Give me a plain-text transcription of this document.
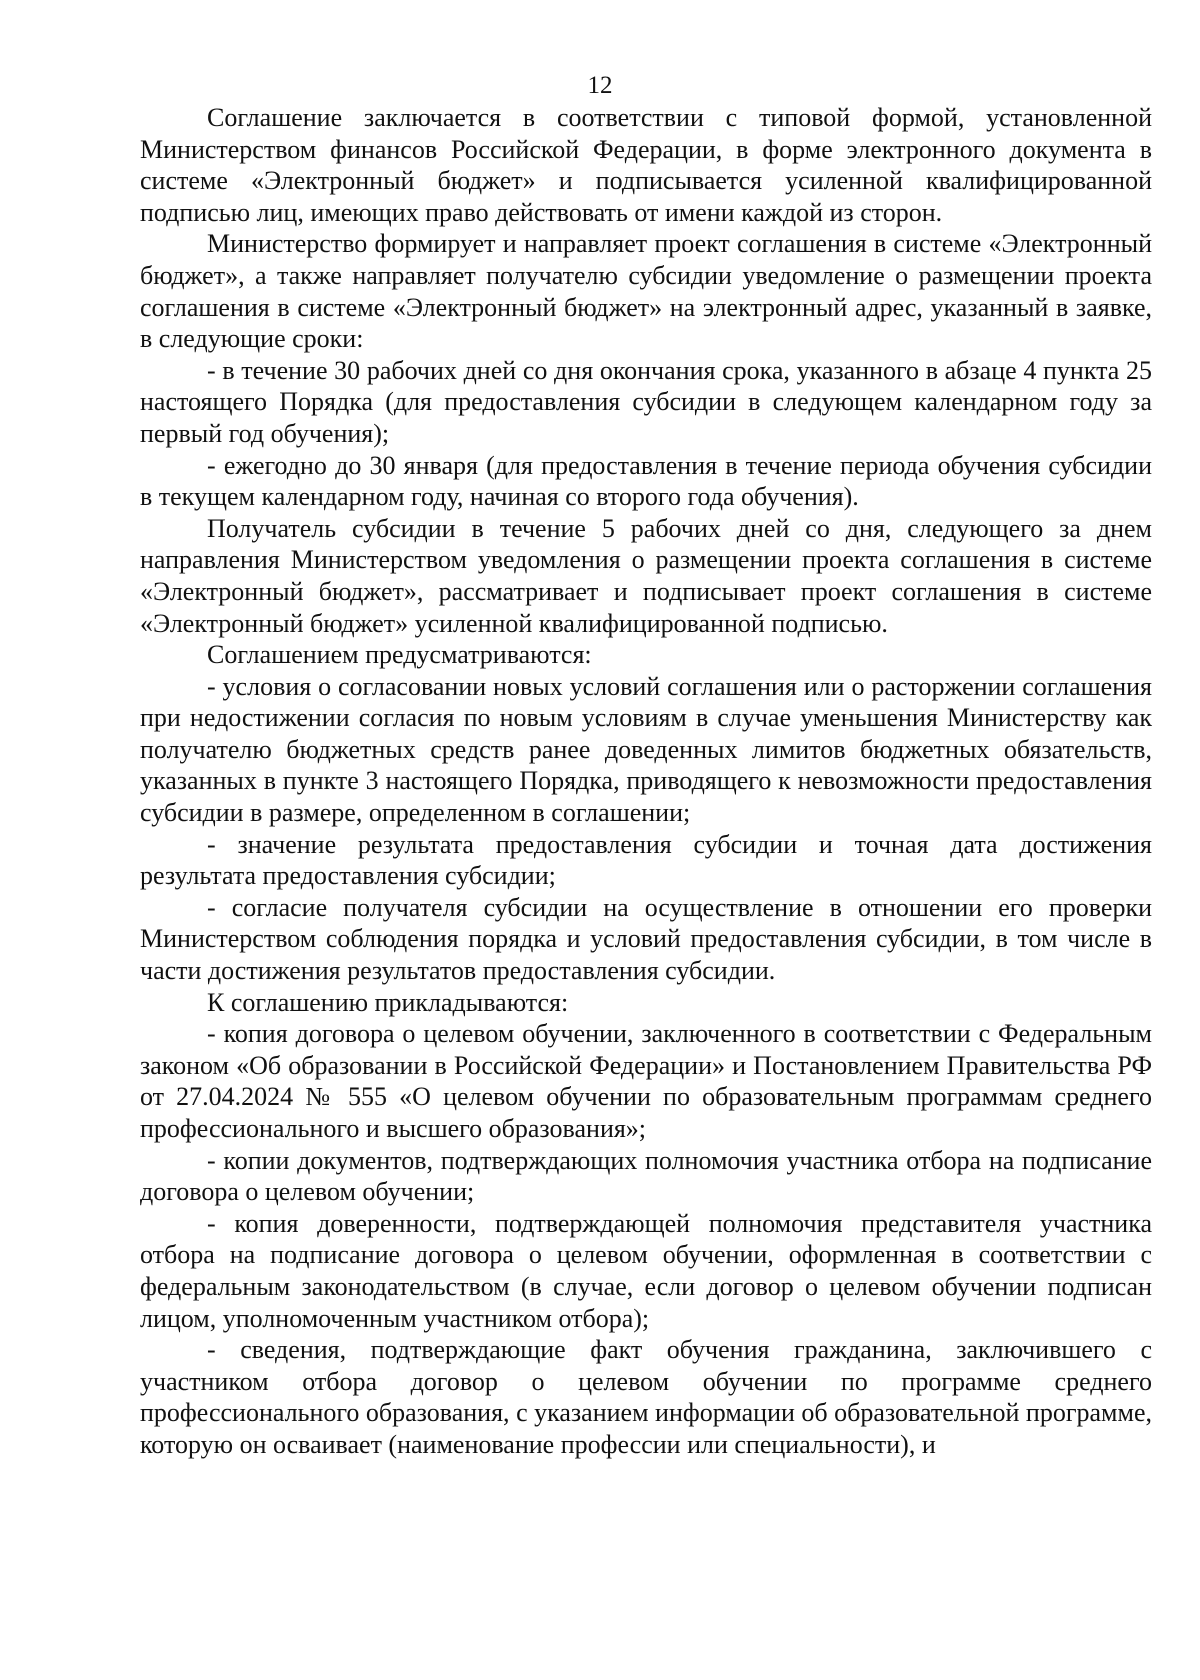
12

Соглашение заключается в соответствии с типовой формой, установленной Министерством финансов Российской Федерации, в форме электронного документа в системе «Электронный бюджет» и подписывается усиленной квалифицированной подписью лиц, имеющих право действовать от имени каждой из сторон.

Министерство формирует и направляет проект соглашения в системе «Электронный бюджет», а также направляет получателю субсидии уведомление о размещении проекта соглашения в системе «Электронный бюджет» на электронный адрес, указанный в заявке, в следующие сроки:

- в течение 30 рабочих дней со дня окончания срока, указанного в абзаце 4 пункта 25 настоящего Порядка (для предоставления субсидии в следующем календарном году за первый год обучения);

- ежегодно до 30 января (для предоставления в течение периода обучения субсидии в текущем календарном году, начиная со второго года обучения).

Получатель субсидии в течение 5 рабочих дней со дня, следующего за днем направления Министерством уведомления о размещении проекта соглашения в системе «Электронный бюджет», рассматривает и подписывает проект соглашения в системе «Электронный бюджет» усиленной квалифицированной подписью.

Соглашением предусматриваются:

- условия о согласовании новых условий соглашения или о расторжении соглашения при недостижении согласия по новым условиям в случае уменьшения Министерству как получателю бюджетных средств ранее доведенных лимитов бюджетных обязательств, указанных в пункте 3 настоящего Порядка, приводящего к невозможности предоставления субсидии в размере, определенном в соглашении;

- значение результата предоставления субсидии и точная дата достижения результата предоставления субсидии;

- согласие получателя субсидии на осуществление в отношении его проверки Министерством соблюдения порядка и условий предоставления субсидии, в том числе в части достижения результатов предоставления субсидии.

К соглашению прикладываются:

- копия договора о целевом обучении, заключенного в соответствии с Федеральным законом «Об образовании в Российской Федерации» и Постановлением Правительства РФ от 27.04.2024 № 555 «О целевом обучении по образовательным программам среднего профессионального и высшего образования»;

- копии документов, подтверждающих полномочия участника отбора на подписание договора о целевом обучении;

- копия доверенности, подтверждающей полномочия представителя участника отбора на подписание договора о целевом обучении, оформленная в соответствии с федеральным законодательством (в случае, если договор о целевом обучении подписан лицом, уполномоченным участником отбора);

- сведения, подтверждающие факт обучения гражданина, заключившего с участником отбора договор о целевом обучении по программе среднего профессионального образования, с указанием информации об образовательной программе, которую он осваивает (наименование профессии или специальности), и
